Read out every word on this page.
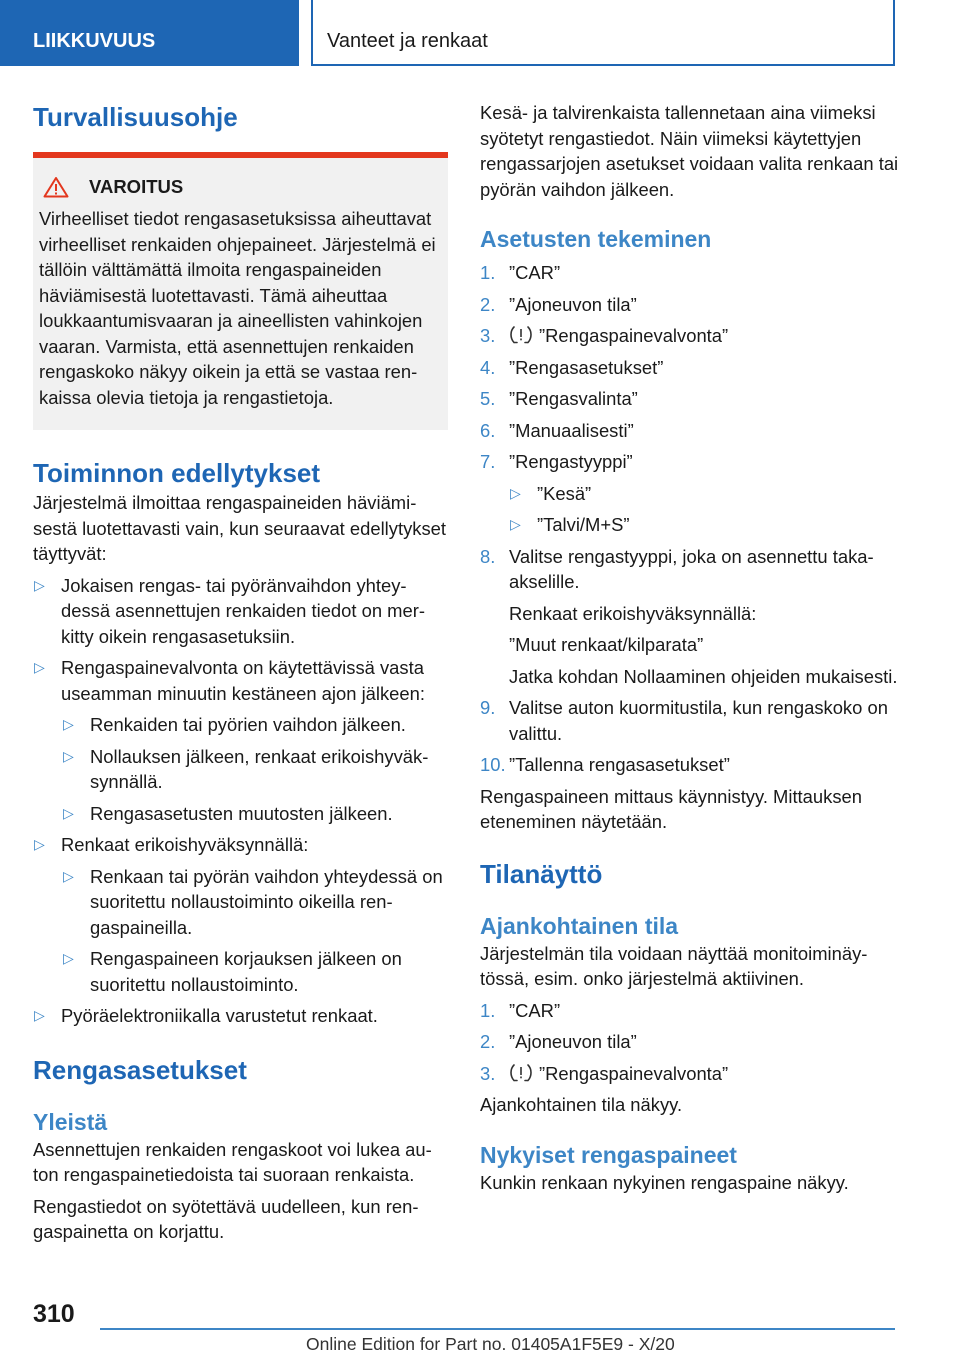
LIIKKUVUUS	Vanteet ja renkaat
Turvallisuusohje
VAROITUS

Virheelliset tiedot rengasasetuksissa aiheuttavat virheelliset renkaiden ohjepaineet. Järjestelmä ei tällöin välttämättä ilmoita rengaspaineiden häviämisestä luotettavasti. Tämä aiheuttaa loukkaantumisvaaran ja aineellisten vahinkojen vaaran. Varmista, että asennettujen renkaiden rengaskoko näkyy oikein ja että se vastaa renkaissa olevia tietoja ja rengastietoja.

Toiminnon edellytykset

Järjestelmä ilmoittaa rengaspaineiden häviämisestä luotettavasti vain, kun seuraavat edellytykset täyttyvät:

▷ Jokaisen rengas- tai pyöränvaihdon yhteydessä asennettujen renkaiden tiedot on merkitty oikein rengasasetuksiin.
▷ Rengaspainevalvonta on käytettävissä vasta useamman minuutin kestäneen ajon jälkeen:
▷ Renkaiden tai pyörien vaihdon jälkeen.
▷ Nollauksen jälkeen, renkaat erikoishyväksynnällä.
▷ Rengasasetusten muutosten jälkeen.
▷ Renkaat erikoishyväksynnällä:
▷ Renkaan tai pyörän vaihdon yhteydessä on suoritettu nollaustoiminto oikeilla rengaspaineilla.
▷ Rengaspaineen korjauksen jälkeen on suoritettu nollaustoiminto.
▷ Pyöräelektroniikalla varustetut renkaat.
Rengasasetukset
Yleistä

Asennettujen renkaiden rengaskoot voi lukea auton rengaspainetiedoista tai suoraan renkaista.

Rengastiedot on syötettävä uudelleen, kun rengaspainetta on korjattu.

Kesä- ja talvirenkaista tallennetaan aina viimeksi syötetyt rengastiedot. Näin viimeksi käytettyjen rengassarjojen asetukset voidaan valita renkaan tai pyörän vaihdon jälkeen.

Asetusten tekeminen
1. ”CAR”
2. ”Ajoneuvon tila”
3.	”Rengaspainevalvonta”
4. ”Rengasasetukset”
5. ”Rengasvalinta”
6. ”Manuaalisesti”
7. ”Rengastyyppi”
▷ ”Kesä”
▷ ”Talvi/M+S”
8. Valitse rengastyyppi, joka on asennettu takaakselille.

Renkaat erikoishyväksynnällä:

”Muut renkaat/kilparata”

Jatka kohdan Nollaaminen ohjeiden mukaisesti.

9. Valitse auton kuormitustila, kun rengaskoko on valittu.
10. ”Tallenna rengasasetukset”

Rengaspaineen mittaus käynnistyy. Mittauksen eteneminen näytetään.

Tilanäyttö
Ajankohtainen tila

Järjestelmän tila voidaan näyttää monitoiminäytössä, esim. onko järjestelmä aktiivinen.

1. ”CAR”
2. ”Ajoneuvon tila”
3.	”Rengaspainevalvonta”

Ajankohtainen tila näkyy.

Nykyiset rengaspaineet

Kunkin renkaan nykyinen rengaspaine näkyy.

310
Online Edition for Part no. 01405A1F5E9 - X/20
